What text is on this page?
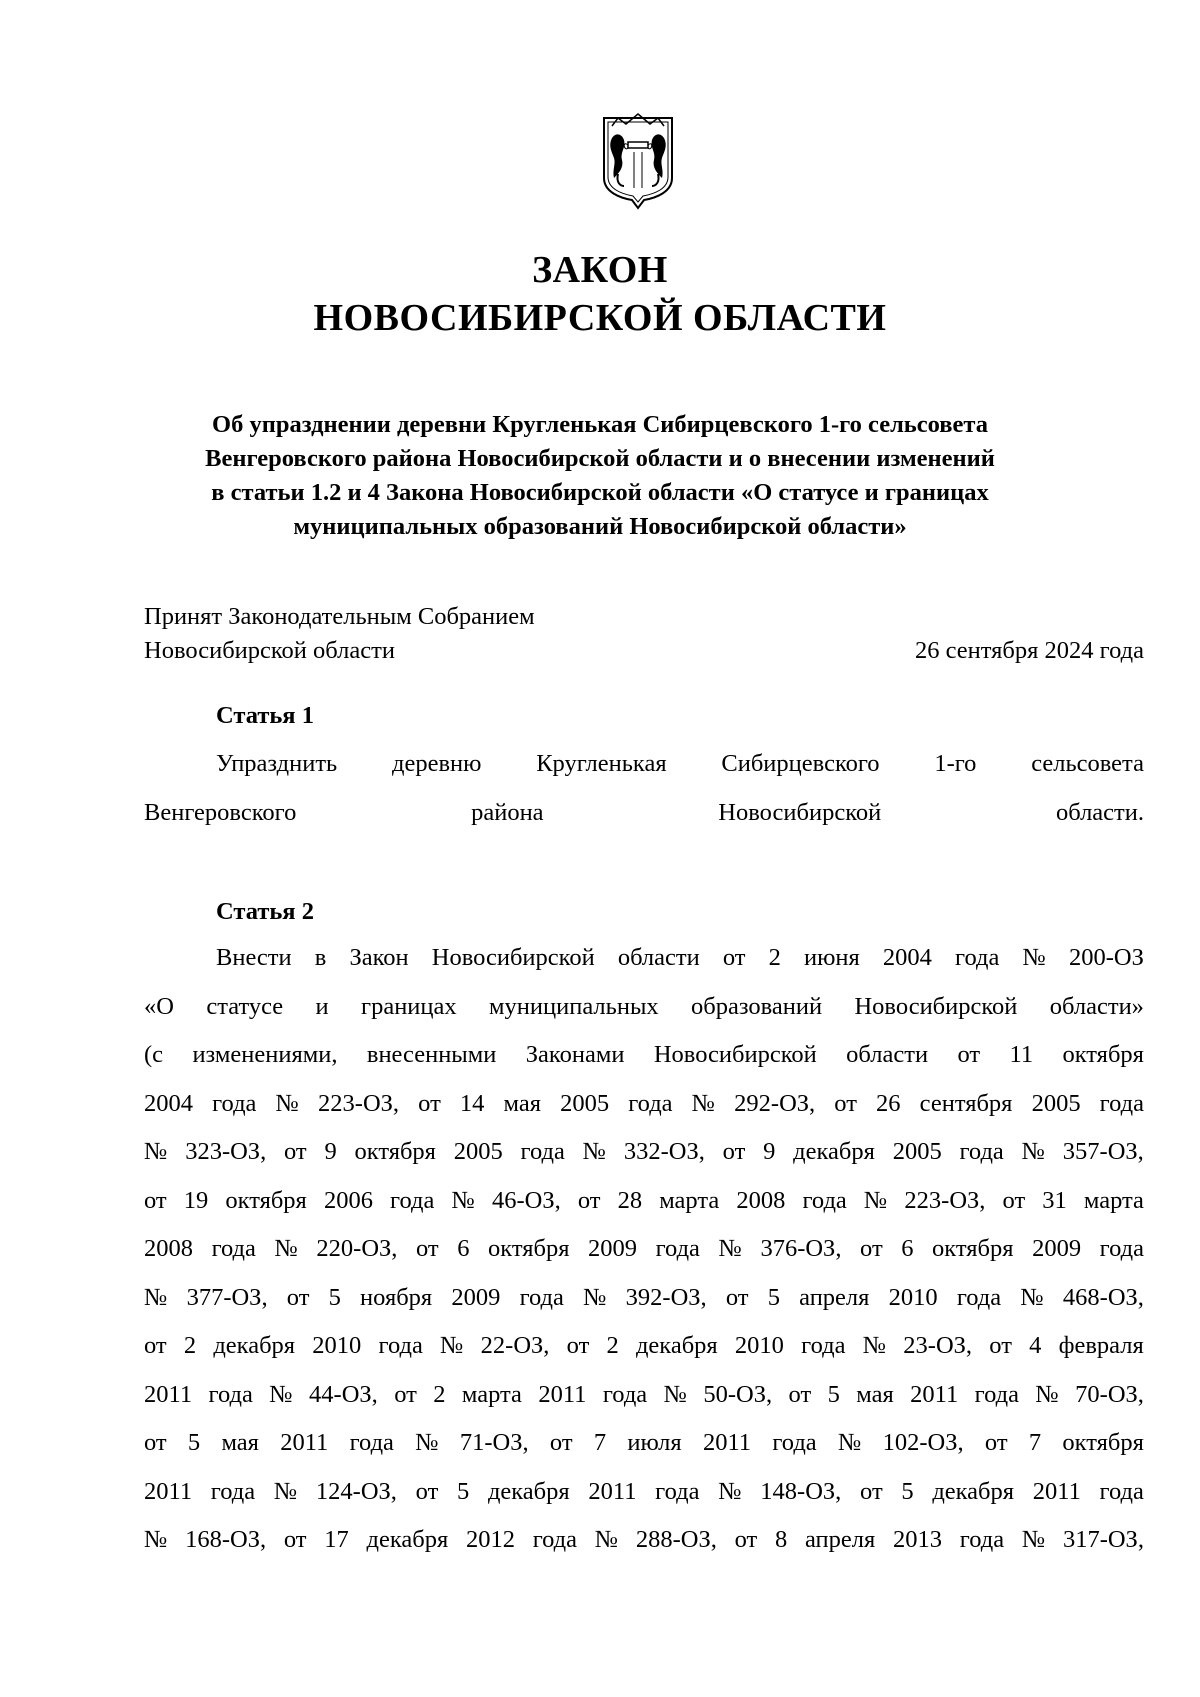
ЗАКОН
НОВОСИБИРСКОЙ ОБЛАСТИ
Об упразднении деревни Кругленькая Сибирцевского 1-го сельсовета
Венгеровского района Новосибирской области и о внесении изменений
в статьи 1.2 и 4 Закона Новосибирской области «О статусе и границах
муниципальных образований Новосибирской области»
Принят Законодательным Собранием
Новосибирской области	26 сентября 2024 года
Статья 1
Упразднить деревню Кругленькая Сибирцевского 1-го сельсовета
Венгеровского района Новосибирской области.
Статья 2
Внести в Закон Новосибирской области от 2 июня 2004 года № 200-ОЗ
«О статусе и границах муниципальных образований Новосибирской области»
(с изменениями, внесенными Законами Новосибирской области от 11 октября
2004 года № 223-ОЗ, от 14 мая 2005 года № 292-ОЗ, от 26 сентября 2005 года
№ 323-ОЗ, от 9 октября 2005 года № 332-ОЗ, от 9 декабря 2005 года № 357-ОЗ,
от 19 октября 2006 года № 46-ОЗ, от 28 марта 2008 года № 223-ОЗ, от 31 марта
2008 года № 220-ОЗ, от 6 октября 2009 года № 376-ОЗ, от 6 октября 2009 года
№ 377-ОЗ, от 5 ноября 2009 года № 392-ОЗ, от 5 апреля 2010 года № 468-ОЗ,
от 2 декабря 2010 года № 22-ОЗ, от 2 декабря 2010 года № 23-ОЗ, от 4 февраля
2011 года № 44-ОЗ, от 2 марта 2011 года № 50-ОЗ, от 5 мая 2011 года № 70-ОЗ,
от 5 мая 2011 года № 71-ОЗ, от 7 июля 2011 года № 102-ОЗ, от 7 октября
2011 года № 124-ОЗ, от 5 декабря 2011 года № 148-ОЗ, от 5 декабря 2011 года
№ 168-ОЗ, от 17 декабря 2012 года № 288-ОЗ, от 8 апреля 2013 года № 317-ОЗ,
